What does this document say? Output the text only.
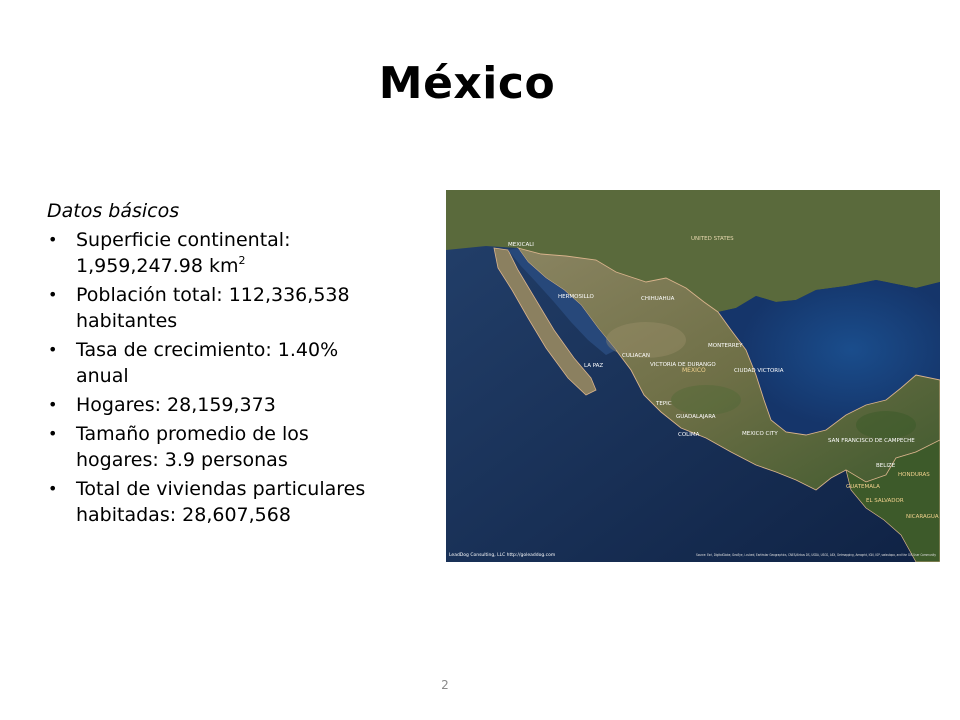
México
Datos básicos
• Superficie continental: 1,959,247.98 $km^2$
• Población total: 112,336,538 habitantes
• Tasa de crecimiento: 1.40% anual
• Hogares: 28,159,373
• Tamaño promedio de los hogares: 3.9 personas
• Total de viviendas particulares habitadas: 28,607,568
UNITED STATES
MEXICO
MEXICO CITY
GUATEMALA
HONDURAS
NICARAGUA
BELIZE
EL SALVADOR
MEXICALI
HERMOSILLO	CHIHUAHUA
MONTERREY
CULIACAN
VICTORIA DE DURANGO
LA PAZ
TEPIC
GUADALAJARA
COLIMA
SAN FRANCISCO DE CAMPECHE
CIUDAD VICTORIA
LeadDog Consulting, LLC http://goleaddog.com	Source: Esri, DigitalGlobe, GeoEye, i-cubed, Earthstar Geographics, CNES/Airbus DS, USDA, USGS, AEX, Getmapping, Aerogrid, IGN, IGP, swisstopo, and the GIS User Community
2
